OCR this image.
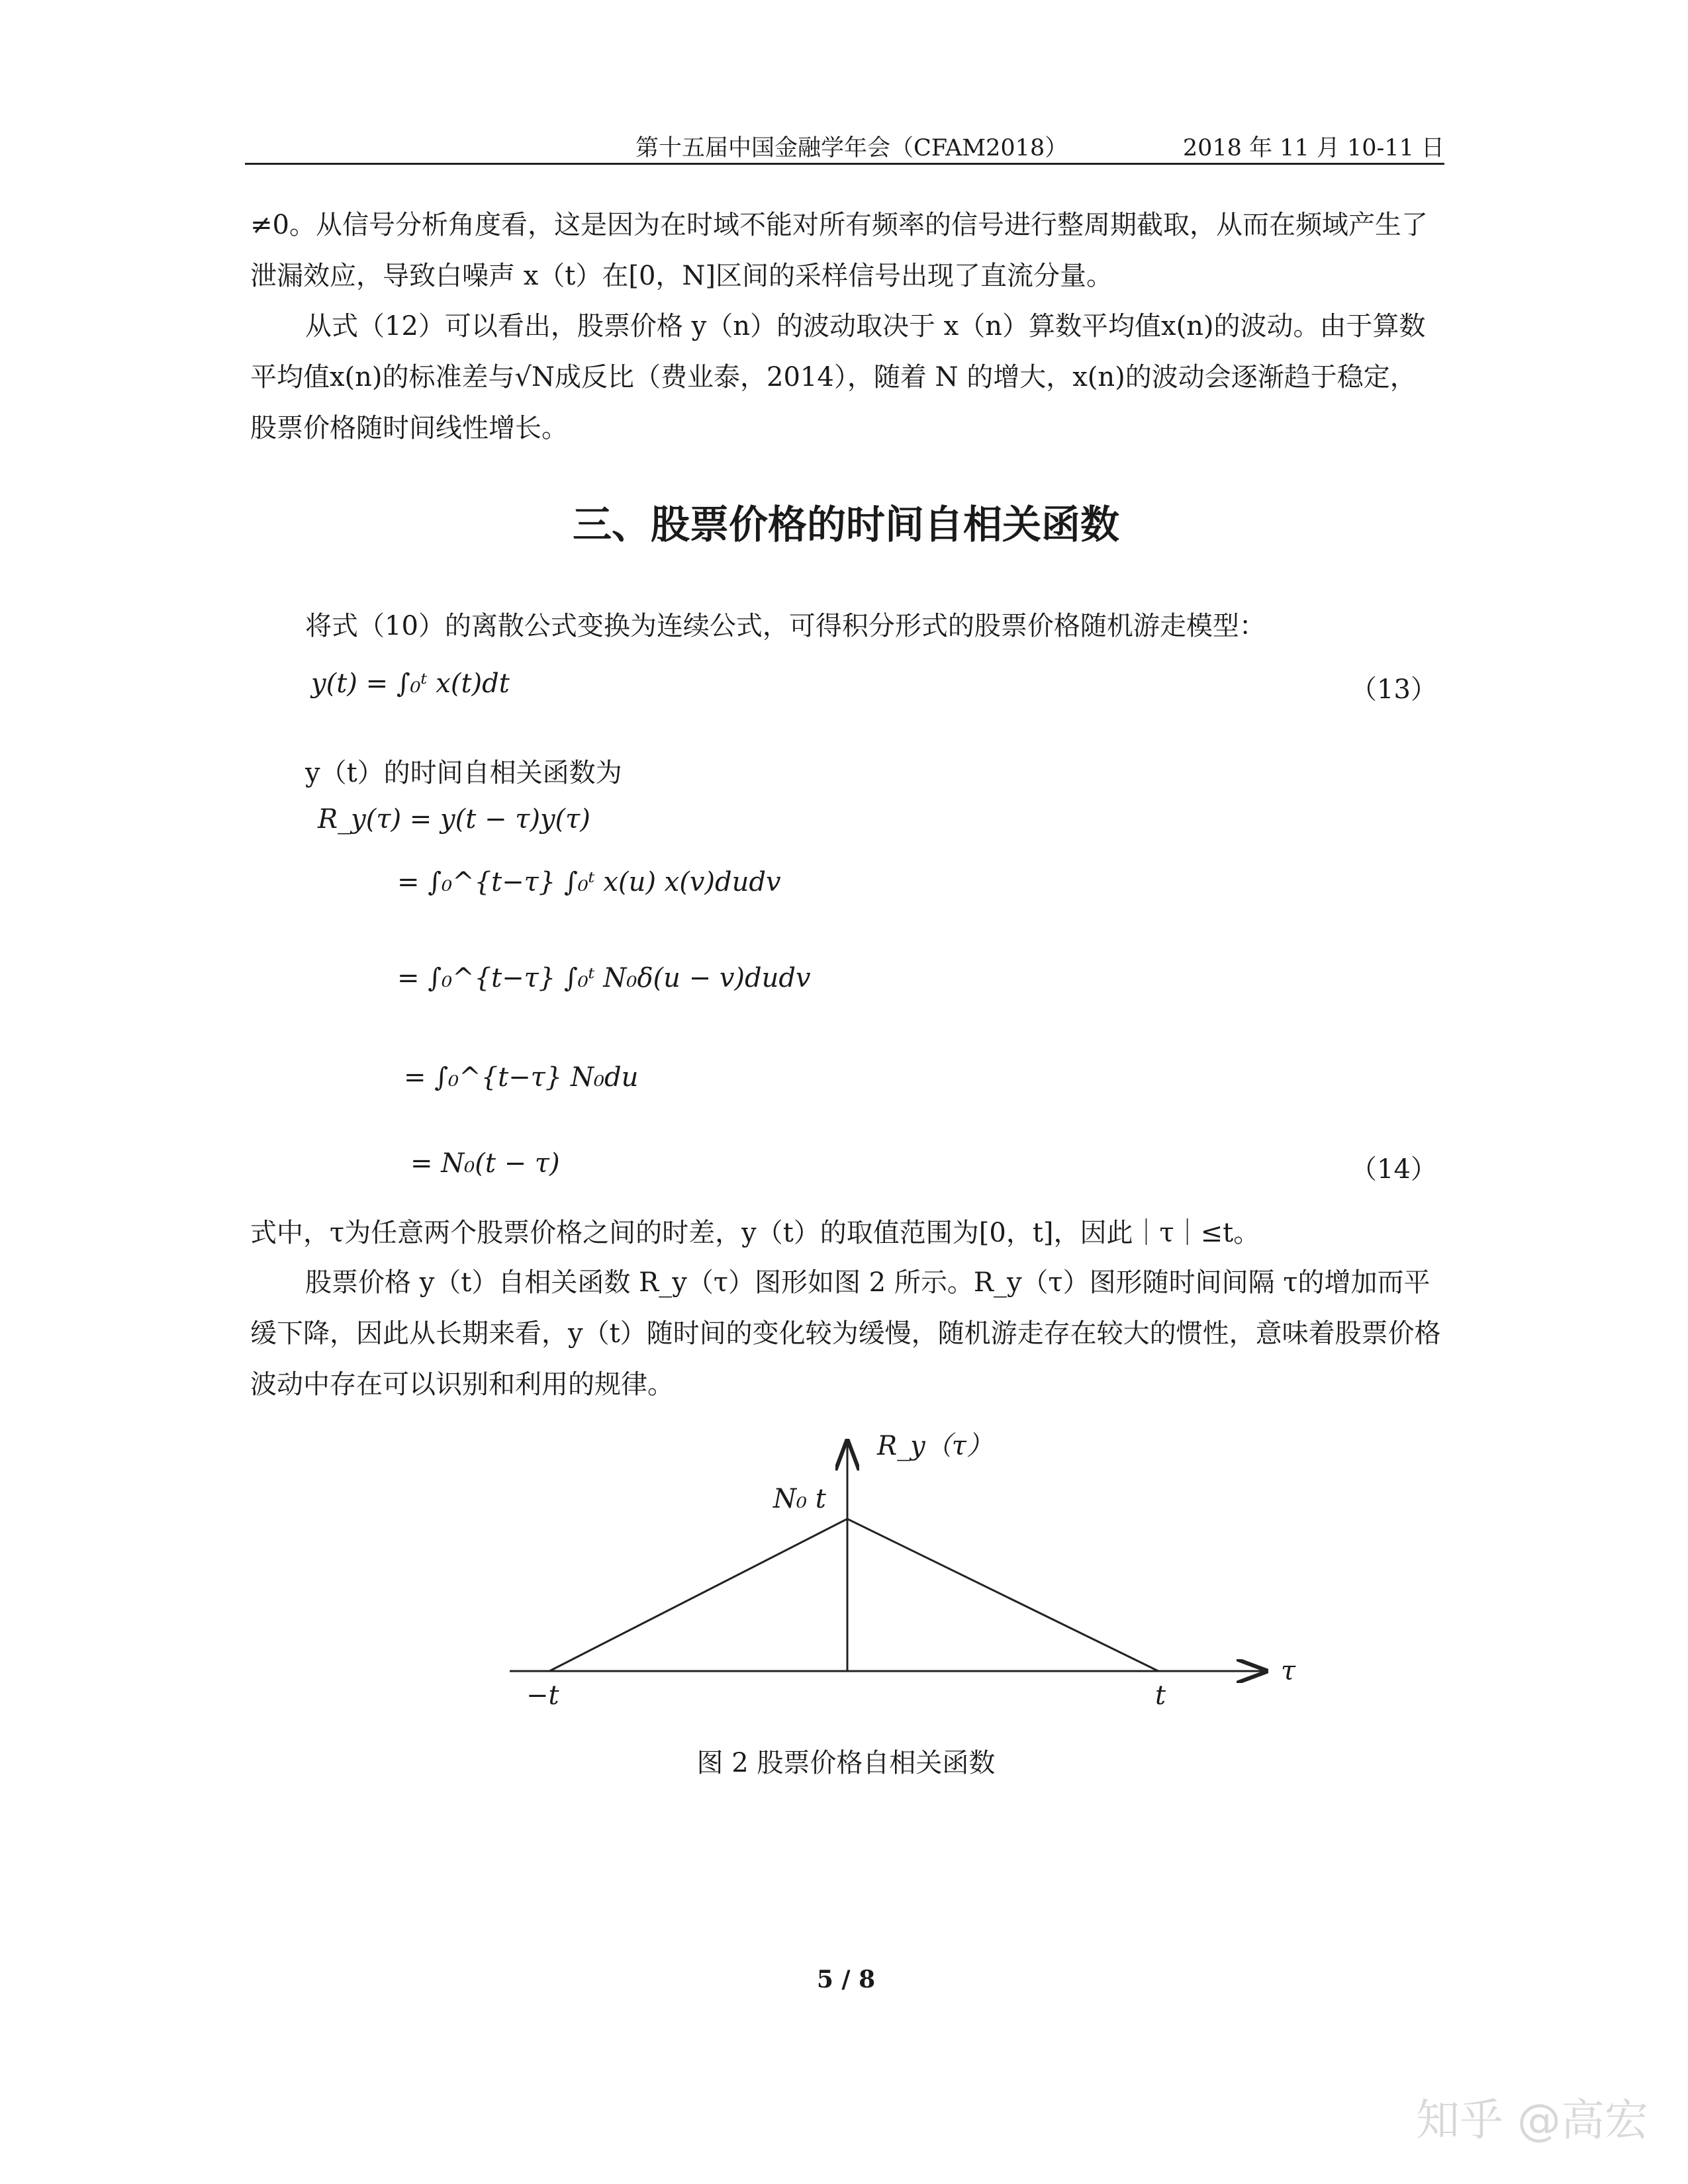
第十五届中国金融学年会（CFAM2018）	2018 年 11 月 10-11 日
≠0。从信号分析角度看，这是因为在时域不能对所有频率的信号进行整周期截取，从而在频域产生了泄漏效应，导致白噪声 x（t）在[0，N]区间的采样信号出现了直流分量。
从式（12）可以看出，股票价格 y（n）的波动取决于 x（n）算数平均值x(n)的波动。由于算数平均值x(n)的标准差与√N成反比（费业泰，2014），随着 N 的增大，x(n)的波动会逐渐趋于稳定，股票价格随时间线性增长。
三、股票价格的时间自相关函数
将式（10）的离散公式变换为连续公式，可得积分形式的股票价格随机游走模型：
y(t) = ∫₀ᵗ x(t)dt	（13）
y（t）的时间自相关函数为
R_y(τ) = y(t − τ)y(τ)
= ∫₀^{t−τ} ∫₀ᵗ x(u) x(v)dudv
= ∫₀^{t−τ} ∫₀ᵗ N₀δ(u − v)dudv
= ∫₀^{t−τ} N₀du
= N₀(t − τ)	（14）
式中，τ为任意两个股票价格之间的时差，y（t）的取值范围为[0，t]，因此｜τ｜≤t。
股票价格 y（t）自相关函数 R_y（τ）图形如图 2 所示。R_y（τ）图形随时间间隔 τ的增加而平缓下降，因此从长期来看，y（t）随时间的变化较为缓慢，随机游走存在较大的惯性，意味着股票价格波动中存在可以识别和利用的规律。
R_y（τ）
N₀ t
τ
−t	t
图 2 股票价格自相关函数
5 / 8
知乎 @高宏
